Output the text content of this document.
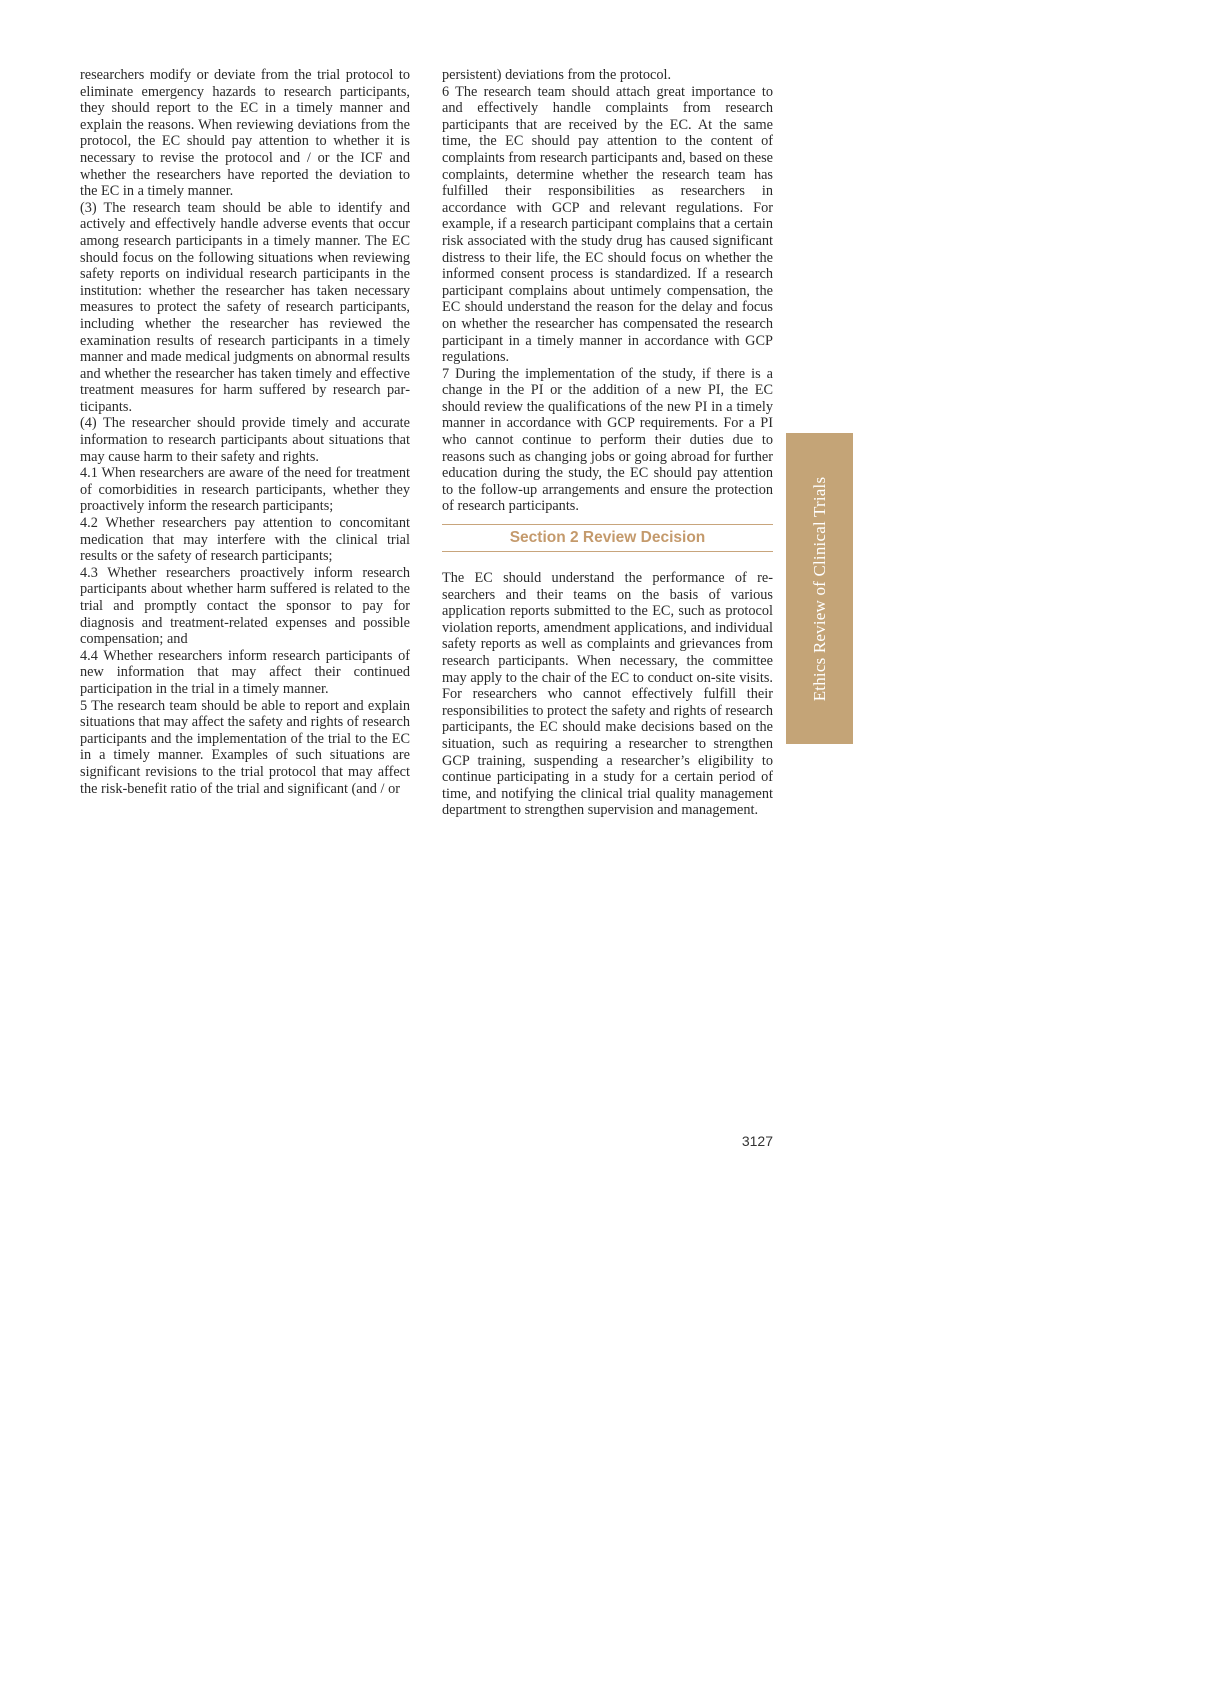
researchers modify or deviate from the trial protocol to eliminate emergency hazards to research participants, they should report to the EC in a timely manner and explain the reasons. When reviewing deviations from the protocol, the EC should pay attention to whether it is necessary to revise the protocol and / or the ICF and whether the researchers have reported the deviation to the EC in a timely manner.

(3) The research team should be able to identify and actively and effectively handle adverse events that occur among research participants in a timely manner. The EC should focus on the following situations when reviewing safety reports on individual research participants in the institution: whether the researcher has taken necessary measures to protect the safety of research participants, including whether the researcher has reviewed the examination results of research participants in a timely manner and made medical judgments on abnormal results and whether the researcher has taken timely and effective treatment measures for harm suffered by research participants.

(4) The researcher should provide timely and accurate information to research participants about situations that may cause harm to their safety and rights.

4.1 When researchers are aware of the need for treatment of comorbidities in research participants, whether they proactively inform the research participants;

4.2 Whether researchers pay attention to concomitant medication that may interfere with the clinical trial results or the safety of research participants;

4.3 Whether researchers proactively inform research participants about whether harm suffered is related to the trial and promptly contact the sponsor to pay for diagnosis and treatment-related expenses and possible compensation; and

4.4 Whether researchers inform research participants of new information that may affect their continued participation in the trial in a timely manner.

5 The research team should be able to report and explain situations that may affect the safety and rights of research participants and the implementation of the trial to the EC in a timely manner. Examples of such situations are significant revisions to the trial protocol that may affect the risk-benefit ratio of the trial and significant (and / or

persistent) deviations from the protocol.

6 The research team should attach great importance to and effectively handle complaints from research participants that are received by the EC. At the same time, the EC should pay attention to the content of complaints from research participants and, based on these complaints, determine whether the research team has fulfilled their responsibilities as researchers in accordance with GCP and relevant regulations. For example, if a research participant complains that a certain risk associated with the study drug has caused significant distress to their life, the EC should focus on whether the informed consent process is standardized. If a research participant complains about untimely compensation, the EC should understand the reason for the delay and focus on whether the researcher has compensated the research participant in a timely manner in accordance with GCP regulations.

7 During the implementation of the study, if there is a change in the PI or the addition of a new PI, the EC should review the qualifications of the new PI in a timely manner in accordance with GCP requirements. For a PI who cannot continue to perform their duties due to reasons such as changing jobs or going abroad for further education during the study, the EC should pay attention to the follow-up arrangements and ensure the protection of research participants.

Section 2 Review Decision

The EC should understand the performance of researchers and their teams on the basis of various application reports submitted to the EC, such as protocol violation reports, amendment applications, and individual safety reports as well as complaints and grievances from research participants. When necessary, the committee may apply to the chair of the EC to conduct on-site visits. For researchers who cannot effectively fulfill their responsibilities to protect the safety and rights of research participants, the EC should make decisions based on the situation, such as requiring a researcher to strengthen GCP training, suspending a researcher’s eligibility to continue participating in a study for a certain period of time, and notifying the clinical trial quality management department to strengthen supervision and management.

Ethics Review of Clinical Trials
3127
